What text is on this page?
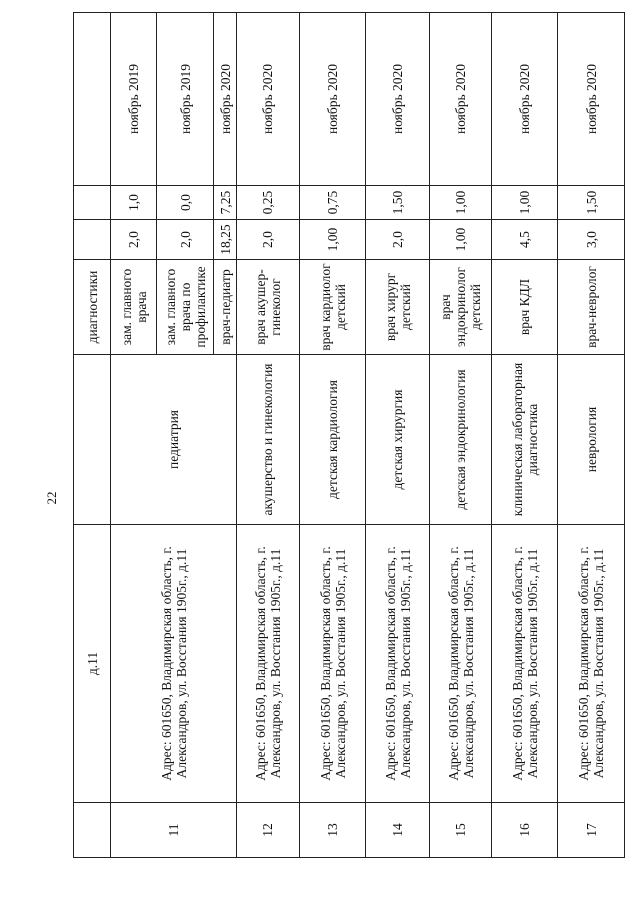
22
	д.11		диагностики			
11	Адрес: 601650, Владимирская область, г. Александров, ул. Восстания 1905г., д.11	педиатрия	зам. главного врача	2,0	1,0	ноябрь 2019
			зам. главного врача по профилактике	2,0	0,0	ноябрь 2019
			врач-педиатр	18,25	7,25	ноябрь 2020
12	Адрес: 601650, Владимирская область, г. Александров, ул. Восстания 1905г., д.11	акушерство и гинекология	врач акушер-гинеколог	2,0	0,25	ноябрь 2020
13	Адрес: 601650, Владимирская область, г. Александров, ул. Восстания 1905г., д.11	детская кардиология	врач кардиолог детский	1,00	0,75	ноябрь 2020
14	Адрес: 601650, Владимирская область, г. Александров, ул. Восстания 1905г., д.11	детская хирургия	врач хирург детский	2,0	1,50	ноябрь 2020
15	Адрес: 601650, Владимирская область, г. Александров, ул. Восстания 1905г., д.11	детская эндокринология	врач эндокринолог детский	1,00	1,00	ноябрь 2020
16	Адрес: 601650, Владимирская область, г. Александров, ул. Восстания 1905г., д.11	клиническая лабораторная диагностика	врач КДЛ	4,5	1,00	ноябрь 2020
17	Адрес: 601650, Владимирская область, г. Александров, ул. Восстания 1905г., д.11	неврология	врач-невролог	3,0	1,50	ноябрь 2020
